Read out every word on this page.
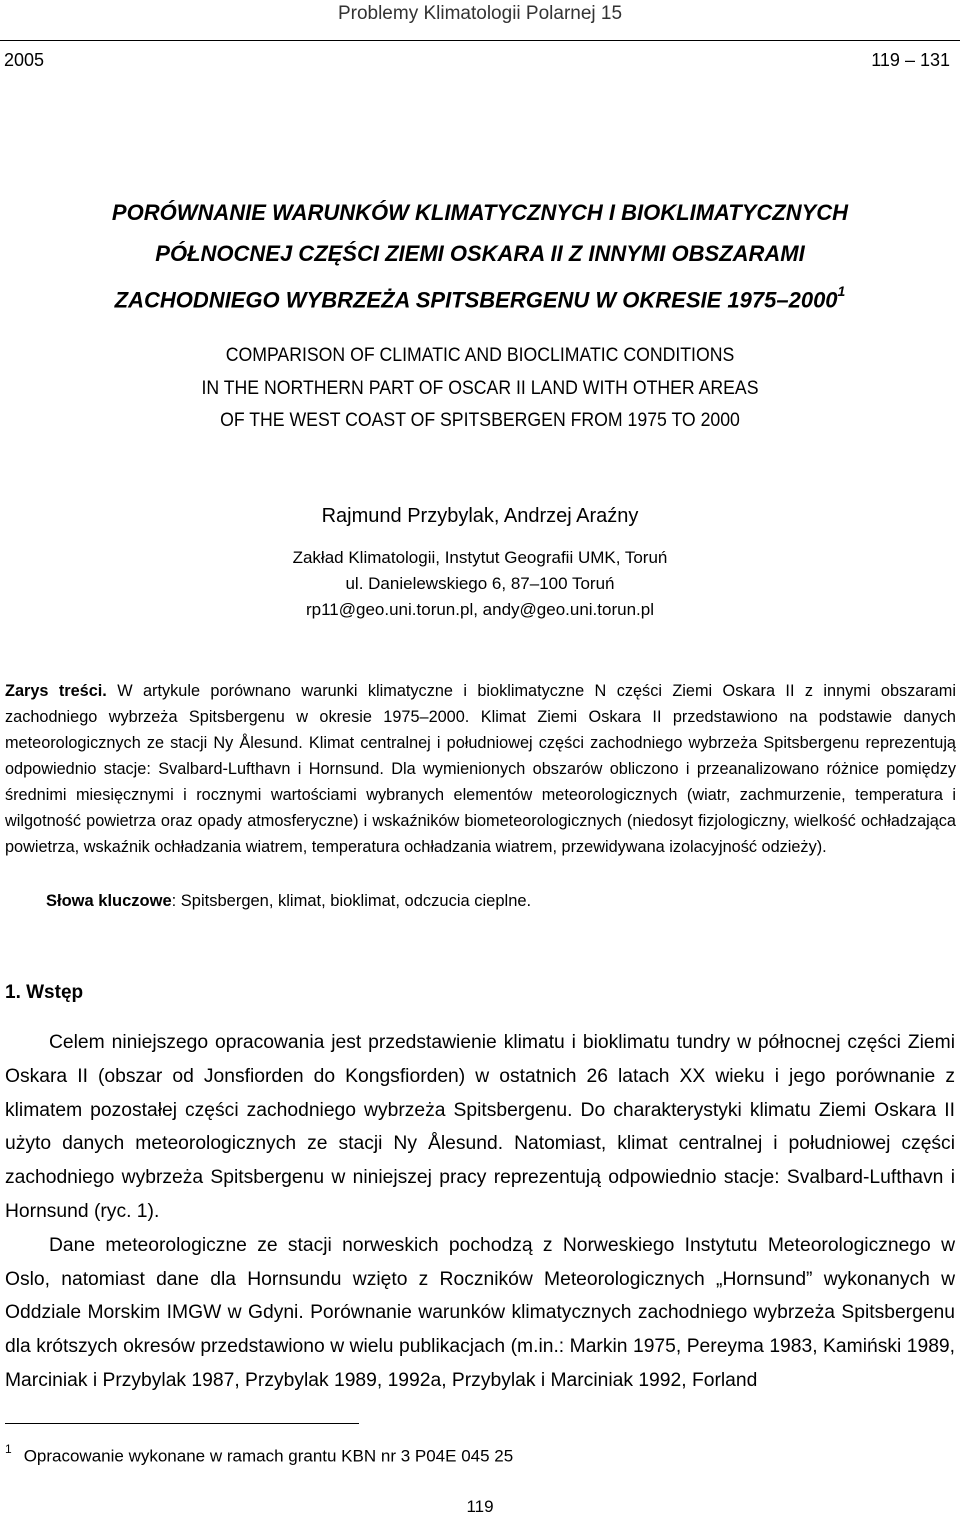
Problemy Klimatologii Polarnej 15
2005	119 – 131
PORÓWNANIE WARUNKÓW KLIMATYCZNYCH I BIOKLIMATYCZNYCH
PÓŁNOCNEJ CZĘŚCI ZIEMI OSKARA II Z INNYMI OBSZARAMI
ZACHODNIEGO WYBRZEŻA SPITSBERGENU W OKRESIE 1975–2000$^1$
COMPARISON OF CLIMATIC AND BIOCLIMATIC CONDITIONS
IN THE NORTHERN PART OF OSCAR II LAND WITH OTHER AREAS
OF THE WEST COAST OF SPITSBERGEN FROM 1975 TO 2000
Rajmund Przybylak, Andrzej Araźny
Zakład Klimatologii, Instytut Geografii UMK, Toruń
ul. Danielewskiego 6, 87–100 Toruń
rp11@geo.uni.torun.pl, andy@geo.uni.torun.pl
Zarys treści. W artykule porównano warunki klimatyczne i bioklimatyczne N części Ziemi Oskara II z innymi obszarami zachodniego wybrzeża Spitsbergenu w okresie 1975–2000. Klimat Ziemi Oskara II przedstawiono na podstawie danych meteorologicznych ze stacji Ny Ålesund. Klimat centralnej i południowej części zachodniego wybrzeża Spitsbergenu reprezentują odpowiednio stacje: Svalbard-Lufthavn i Hornsund. Dla wymienionych obszarów obliczono i przeanalizowano różnice pomiędzy średnimi miesięcznymi i rocznymi wartościami wybranych elementów meteorologicznych (wiatr, zachmurzenie, temperatura i wilgotność powietrza oraz opady atmosferyczne) i wskaźników biometeorologicznych (niedosyt fizjologiczny, wielkość ochładzająca powietrza, wskaźnik ochładzania wiatrem, temperatura ochładzania wiatrem, przewidywana izolacyjność odzieży).
Słowa kluczowe: Spitsbergen, klimat, bioklimat, odczucia cieplne.
1. Wstęp

Celem niniejszego opracowania jest przedstawienie klimatu i bioklimatu tundry w północnej części Ziemi Oskara II (obszar od Jonsfiorden do Kongsfiorden) w ostatnich 26 latach XX wieku i jego porównanie z klimatem pozostałej części zachodniego wybrzeża Spitsbergenu. Do charakterystyki klimatu Ziemi Oskara II użyto danych meteorologicznych ze stacji Ny Ålesund. Natomiast, klimat centralnej i południowej części zachodniego wybrzeża Spitsbergenu w niniejszej pracy reprezentują odpowiednio stacje: Svalbard-Lufthavn i Hornsund (ryc. 1).

Dane meteorologiczne ze stacji norweskich pochodzą z Norweskiego Instytutu Meteorologicznego w Oslo, natomiast dane dla Hornsundu wzięto z Roczników Meteorologicznych „Hornsund” wykonanych w Oddziale Morskim IMGW w Gdyni. Porównanie warunków klimatycznych zachodniego wybrzeża Spitsbergenu dla krótszych okresów przedstawiono w wielu publikacjach (m.in.: Markin 1975, Pereyma 1983, Kamiński 1989, Marciniak i Przybylak 1987, Przybylak 1989, 1992a, Przybylak i Marciniak 1992, Forland

$^1$ Opracowanie wykonane w ramach grantu KBN nr 3 P04E 045 25
119
